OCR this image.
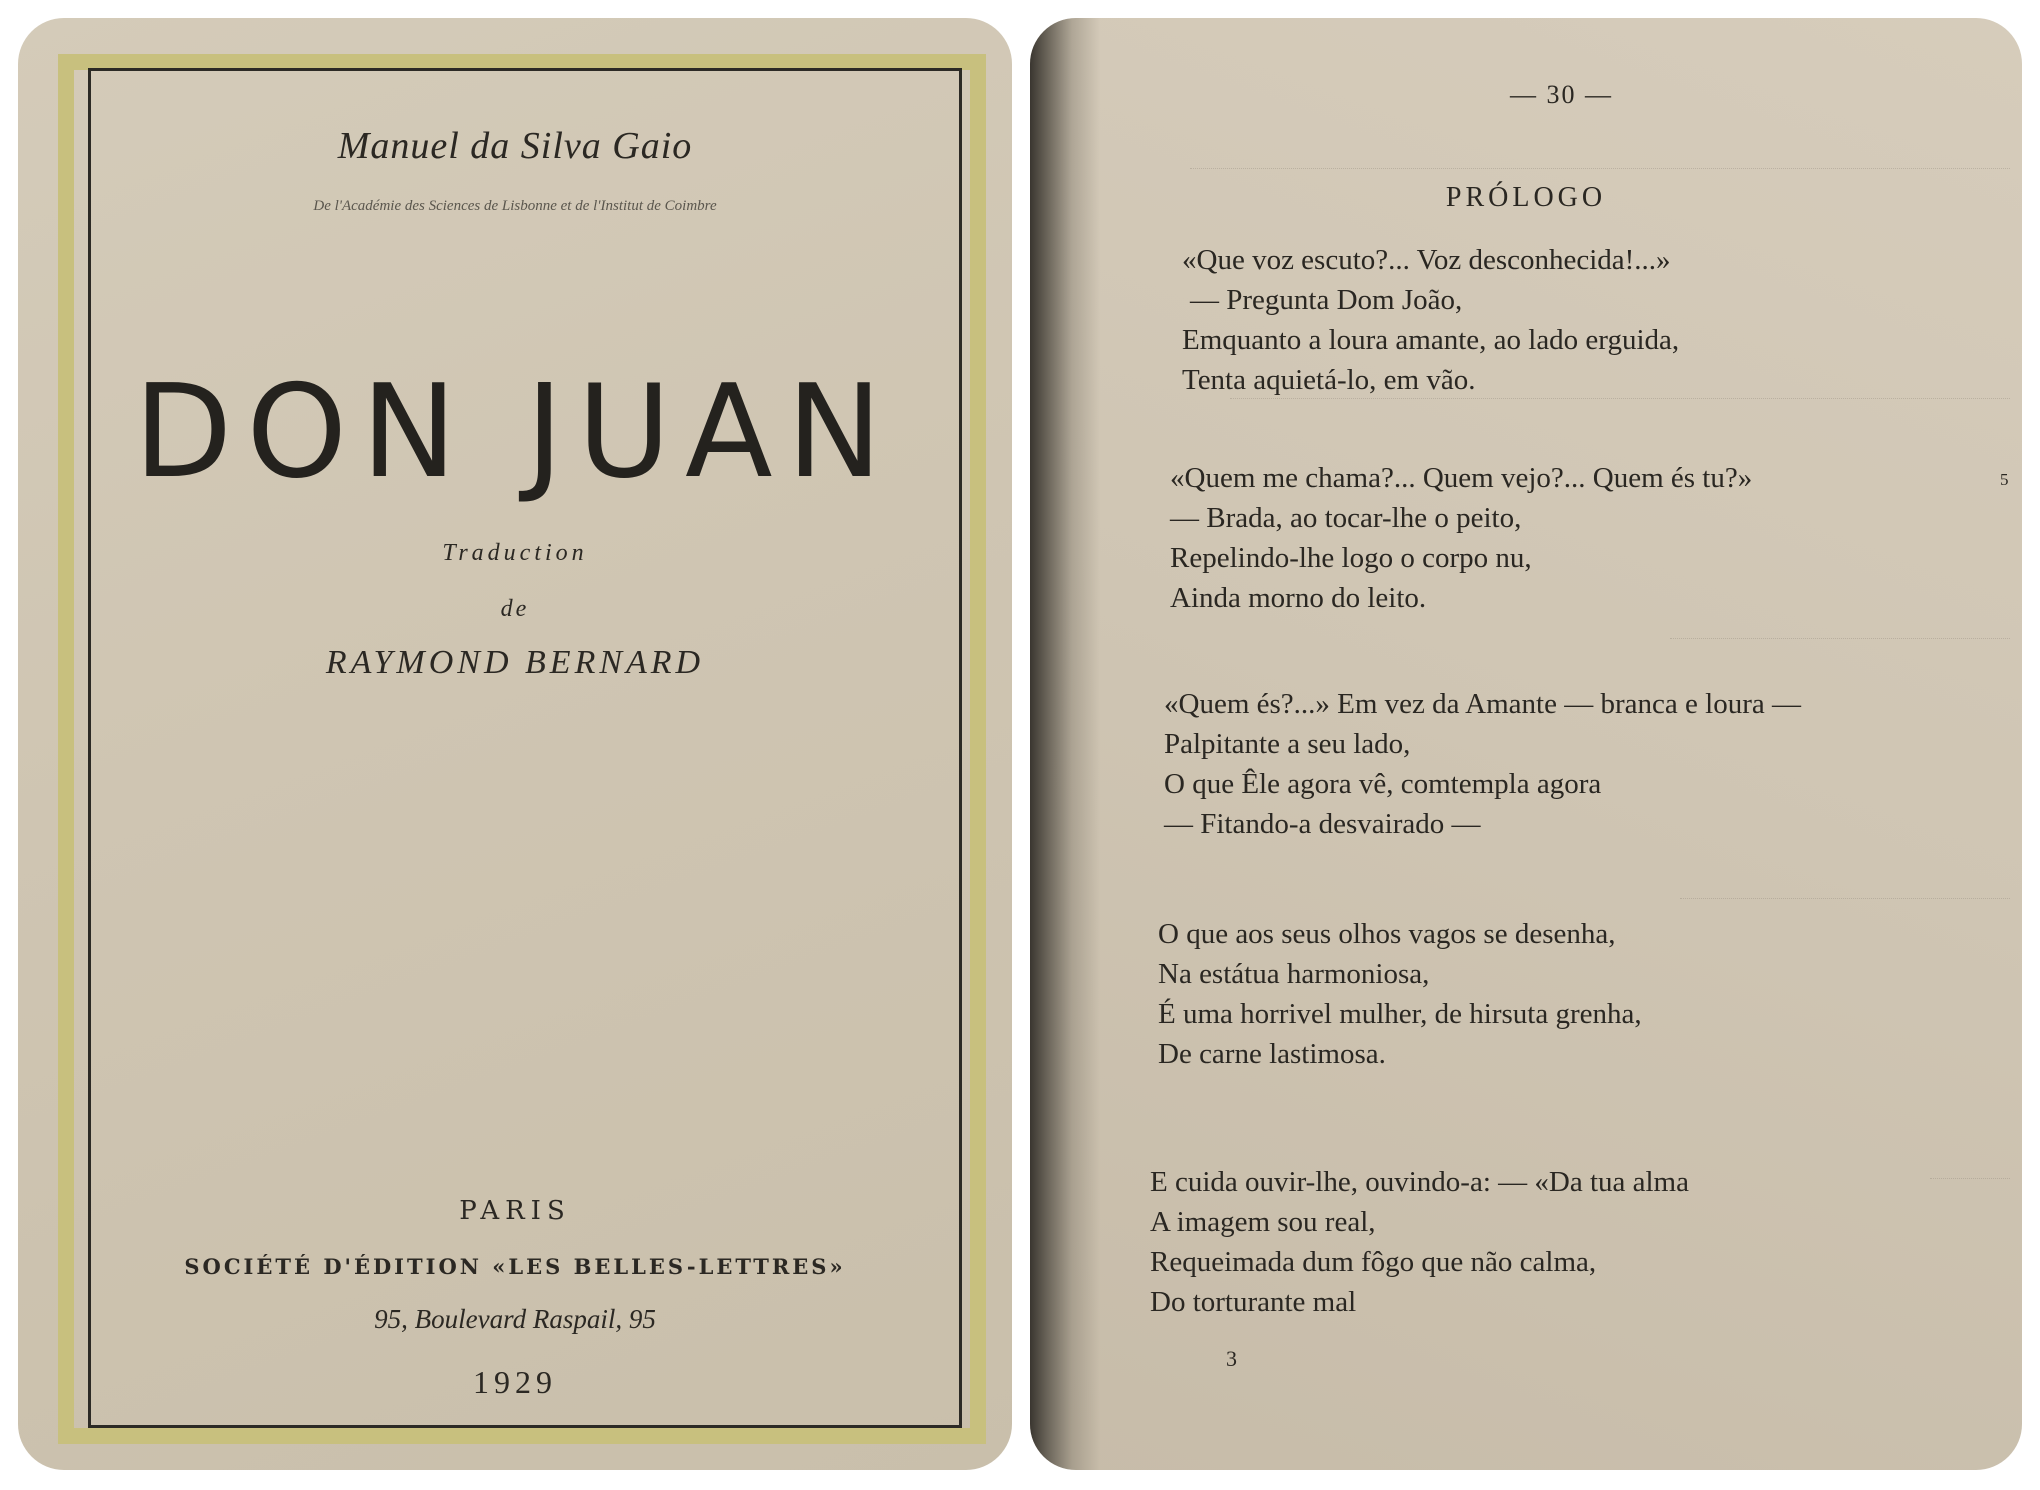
Manuel da Silva Gaio
De l'Académie des Sciences de Lisbonne et de l'Institut de Coimbre
DON JUAN
Traduction
de
RAYMOND BERNARD
PARIS
SOCIÉTÉ D'ÉDITION «LES BELLES-LETTRES»
95, Boulevard Raspail, 95
1929
— 30 —
PRÓLOGO
«Que voz escuto?... Voz desconhecida!...»
— Pregunta Dom João,
Emquanto a loura amante, ao lado erguida,
Tenta aquietá-lo, em vão.
«Quem me chama?... Quem vejo?... Quem és tu?»
— Brada, ao tocar-lhe o peito,
Repelindo-lhe logo o corpo nu,
Ainda morno do leito.
5
«Quem és?...» Em vez da Amante — branca e loura —
Palpitante a seu lado,
O que Êle agora vê, comtempla agora
— Fitando-a desvairado —
O que aos seus olhos vagos se desenha,
Na estátua harmoniosa,
É uma horrivel mulher, de hirsuta grenha,
De carne lastimosa.
E cuida ouvir-lhe, ouvindo-a: — «Da tua alma
A imagem sou real,
Requeimada dum fôgo que não calma,
Do torturante mal
3
